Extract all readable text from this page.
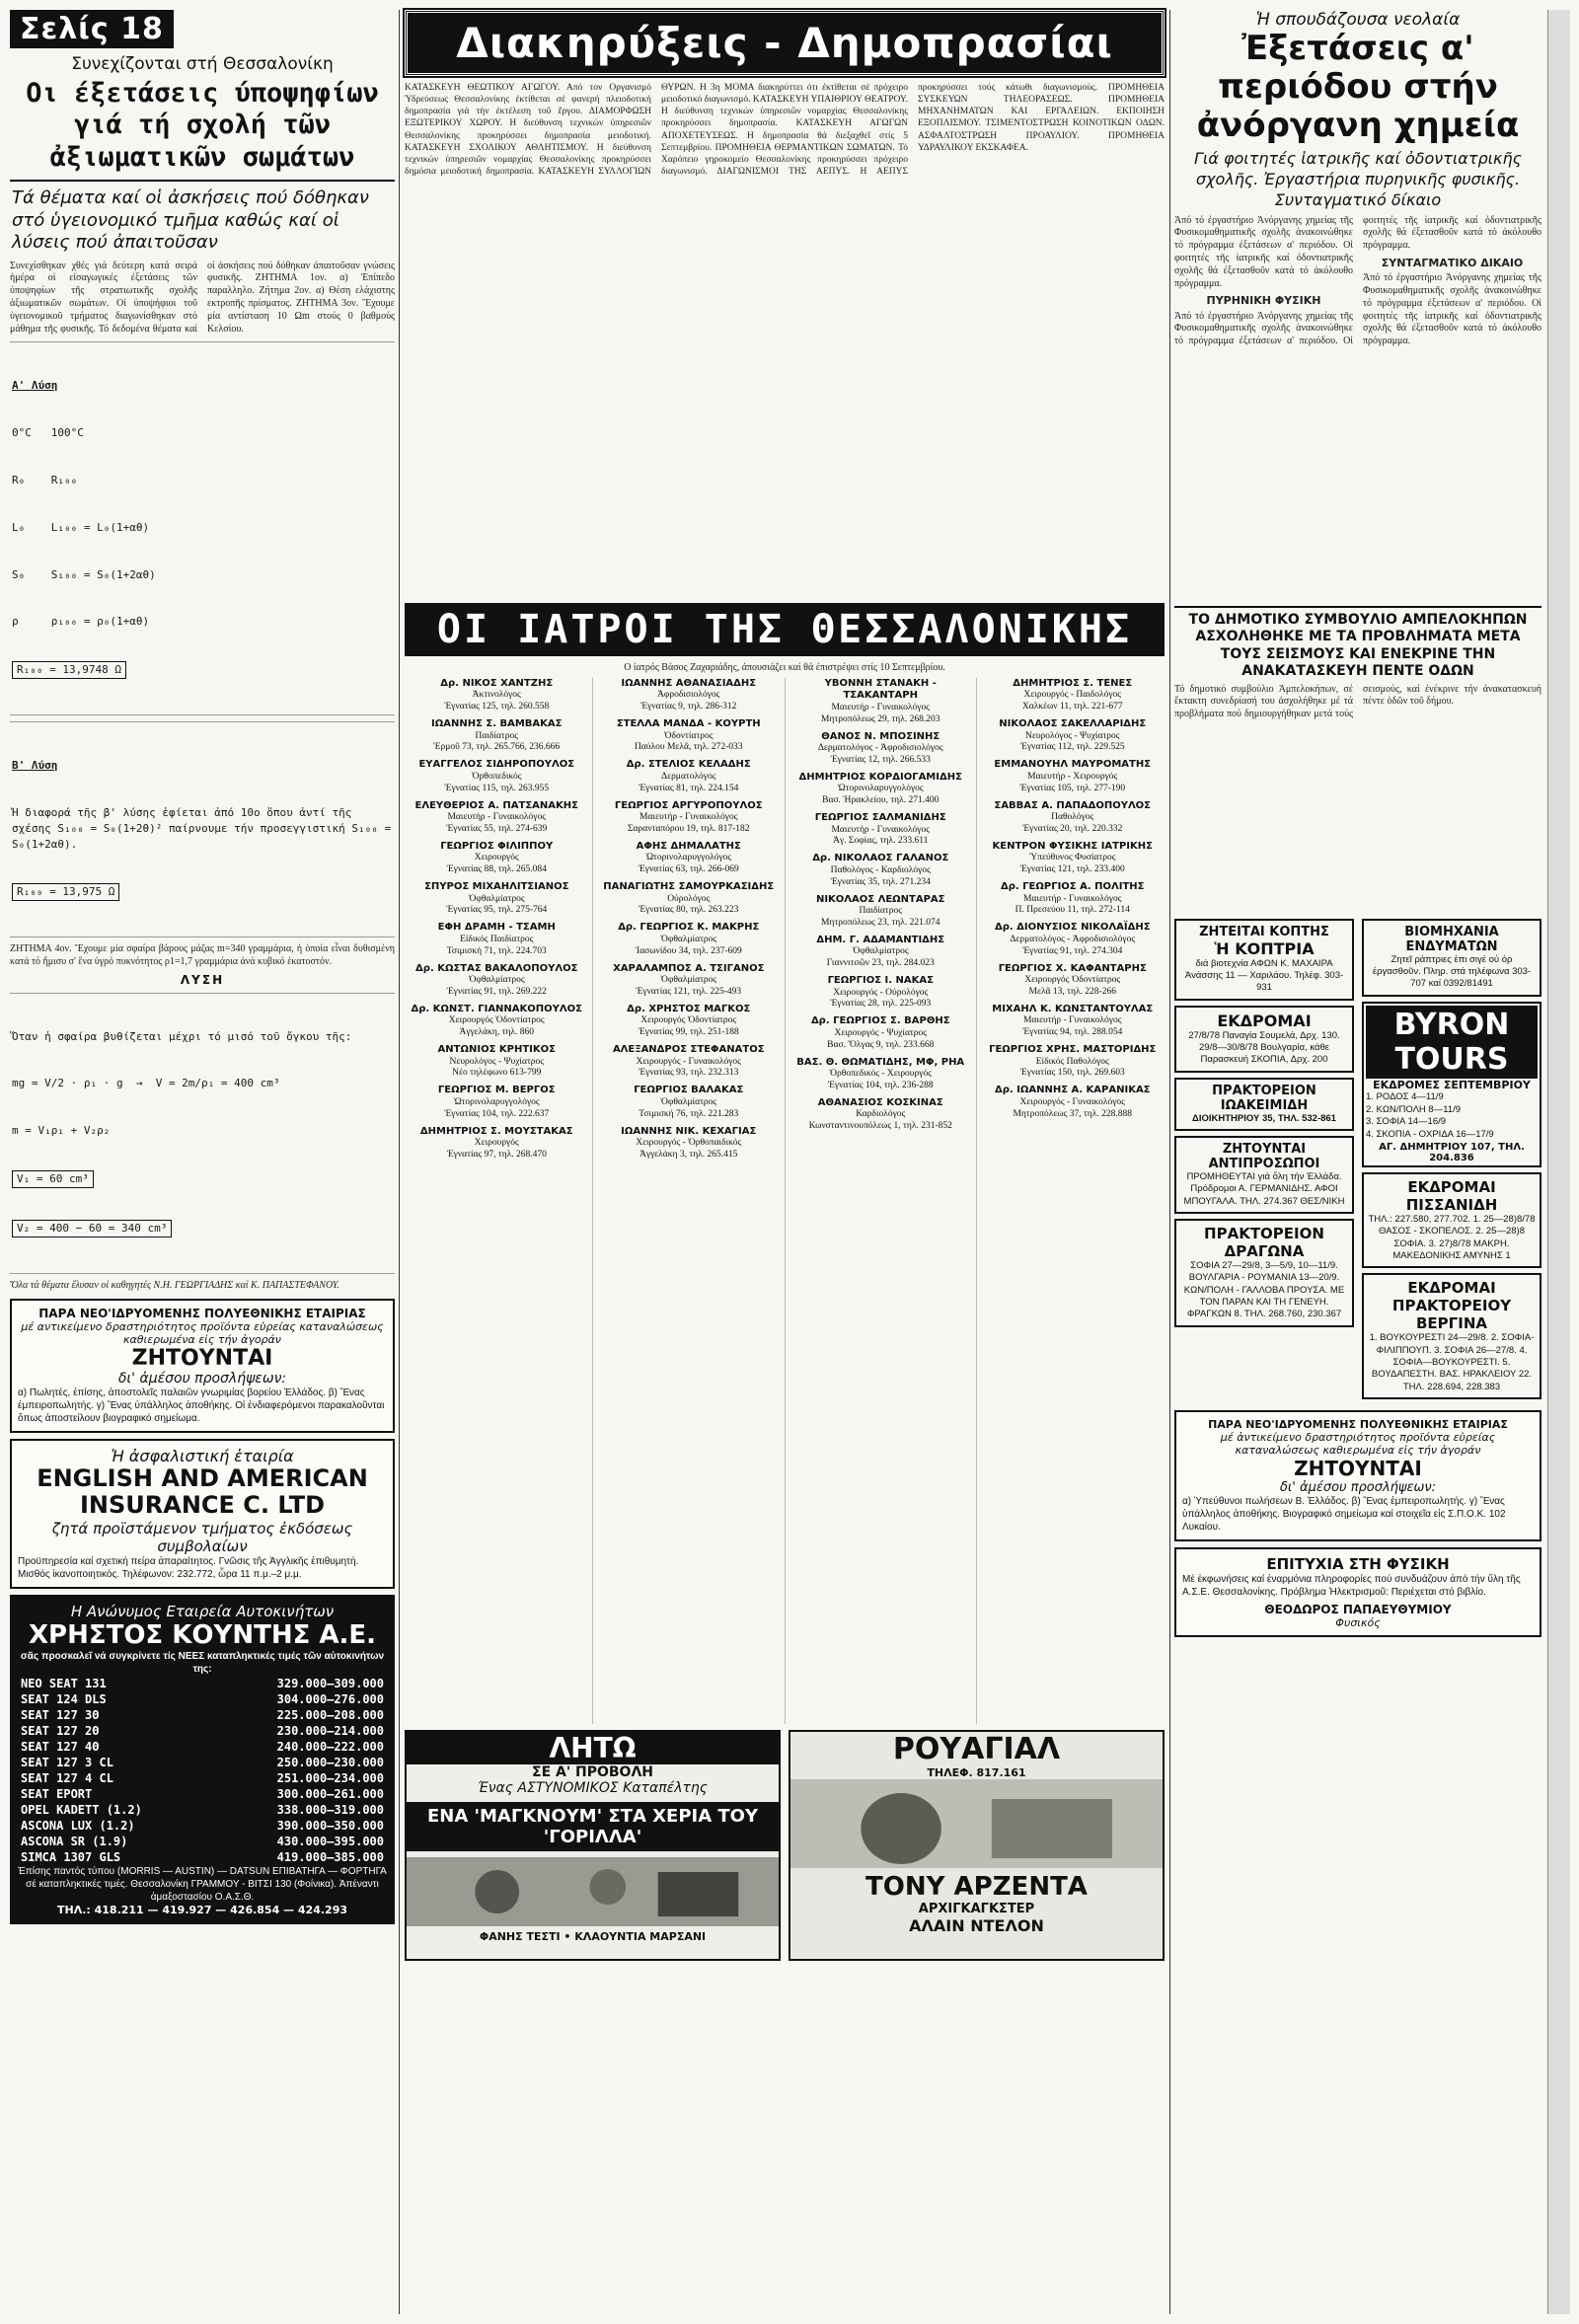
Σελίς 18
Συνεχίζονται στή Θεσσαλονίκη
Οι έξετάσεις ύποψηφίων γιά τή σχολή τῶν ἀξιωματικῶν σωμάτων
Τά θέματα καί οἱ ἀσκήσεις πού δόθηκαν στό ὑγειονομικό τμῆμα καθώς καί οἱ λύσεις πού ἀπαιτοῦσαν
Συνεχίσθηκαν χθές γιά δεύτερη κατά σειρά ἡμέρα οἱ εἰσαγωγικές ἐξετάσεις τῶν ὑποψηφίων τῆς στρατιωτικῆς σχολῆς ἀξιωματικῶν σωμάτων. Οἱ ὑποψήφιοι τοῦ ὑγειονομικοῦ τμήματος διαγωνίσθηκαν στό μάθημα τῆς φυσικῆς. Τό δεδομένα θέματα καί οἱ ἀσκήσεις πού δόθηκαν ἀπαιτοῦσαν γνώσεις φυσικῆς. ΖΗΤΗΜΑ 1ον. α) Ἐπίπεδο παραλληλο. Ζήτημα 2ον. α) Θέση ελάχιστης εκτροπῆς πρίσματος. ΖΗΤΗΜΑ 3ον. Ἔχουμε μία αντίσταση 10 Ωm στούς 0 βαθμούς Κελσίου.

Α' Λύση

0°C   100°C

R₀    R₁₀₀

L₀    L₁₀₀ = L₀(1+αθ)

S₀    S₁₀₀ = S₀(1+2αθ)

ρ     ρ₁₀₀ = ρ₀(1+αθ)

R₁₀₀ = 13,9748 Ω

Β' Λύση

Ἡ διαφορά τῆς β' λύσης ἐφίεται ἀπό 10ο ὅπου ἀντί τῆς σχέσης S₁₀₀ = S₀(1+2θ)² παίρνουμε τήν προσεγγιστική S₁₀₀ = S₀(1+2αθ).

R₁₀₀ = 13,975 Ω

ΖΗΤΗΜΑ 4ον. Ἔχουμε μία σφαίρα βάρους μάζας m=340 γραμμάρια, ἡ ὁποία εἶναι δυθισμένη κατά τό ἥμισυ σ' ἕνα ὑγρό πυκνότητος ρ1=1,7 γραμμάρια ἀνά κυβικό ἑκατοστόν.
ΛΥΣΗ

Ὅταν ἡ σφαίρα βυθίζεται μέχρι τό μισό τοῦ ὄγκου τῆς:

mg = V/2 · ρ₁ · g  →  V = 2m/ρ₁ = 400 cm³

m = V₁ρ₁ + V₂ρ₂

V₁ = 60 cm³

V₂ = 400 − 60 = 340 cm³

Ὅλα τά θέματα ἔλυσαν οἱ καθηγητές Ν.Η. ΓΕΩΡΓΙΑΔΗΣ καί Κ. ΠΑΠΑΣΤΕΦΑΝΟΥ.
ΠΑΡΑ ΝΕΟ'ΙΔΡΥΟΜΕΝΗΣ ΠΟΛΥΕΘΝΙΚΗΣ ΕΤΑΙΡΙΑΣ
μέ αντικείμενο δραστηριότητος προϊόντα εὑρείας καταναλώσεως καθιερωμένα εἰς τήν ἀγοράν
ΖΗΤΟΥΝΤΑΙ
δι' ἀμέσου προσλήψεων:
α) Πωλητές, ἐπίσης, ἀποστολεῖς παλαιῶν γνωριμίας βορείου Ἑλλάδος. β) Ἕνας ἐμπειροπωλητής. γ) Ἕνας ὑπάλληλος ἀποθήκης. Οἱ ἐνδιαφερόμενοι παρακαλοῦνται ὅπως ἀποστείλουν βιογραφικό σημείωμα.
Ἡ ἀσφαλιστική ἑταιρία
ENGLISH AND AMERICAN INSURANCE C. LTD
ζητά προϊστάμενον τμήματος ἐκδόσεως συμβολαίων
Προϋπηρεσία καί σχετική πείρα ἀπαραίτητος. Γνῶσις τῆς Ἀγγλικῆς ἐπιθυμητή. Μισθός ἱκανοποιητικός. Τηλέφωνον: 232.772, ὧρα 11 π.μ.–2 μ.μ.
Η Ανώνυμος Εταιρεία Αυτοκινήτων
ΧΡΗΣΤΟΣ ΚΟΥΝΤΗΣ Α.Ε.
σᾶς προσκαλεῖ νά συγκρίνετε τίς ΝΕΕΣ καταπληκτικές τιμές τῶν αὐτοκινήτων της:
NEO SEAT 131	329.000—309.000
SEAT 124 DLS	304.000—276.000
SEAT 127 3Θ	225.000—208.000
SEAT 127 2Θ	230.000—214.000
SEAT 127 4Θ	240.000—222.000
SEAT 127 3 CL	250.000—230.000
SEAT 127 4 CL	251.000—234.000
SEAT EPORT	300.000—261.000
OPEL KADETT (1.2)	338.000—319.000
ASCONA LUX (1.2)	390.000—350.000
ASCONA SR (1.9)	430.000—395.000
SIMCA 1307 GLS	419.000—385.000
Ἐπίσης παντός τύπου (MORRIS — AUSTIN) — DATSUN ΕΠΙΒΑΤΗΓΑ — ΦΟΡΤΗΓΑ σέ καταπληκτικές τιμές. Θεσσαλονίκη ΓΡΑΜΜΟΥ - ΒΙΤΣΙ 130 (Φοίνικα). Ἀπέναντι ἀμαξοστασίου Ο.Α.Σ.Θ.
ΤΗΛ.: 418.211 — 419.927 — 426.854 — 424.293
Διακηρύξεις - Δημοπρασίαι
ΚΑΤΑΣΚΕΥΗ ΘΕΩΤΙΚΟΥ ΑΓΩΓΟΥ. Από τον Οργανισμό Ύδρεύσεως Θεσσαλονίκης ἐκτίθεται σέ φανερή πλειοδοτική δημοπρασία γιά τήν ἐκτέλεση τοῦ ἔργου. ΔΙΑΜΟΡΦΩΣΗ ΕΞΩΤΕΡΙΚΟΥ ΧΩΡΟΥ. Η διεύθυνση τεχνικών ὑπηρεσιῶν Θεσσαλονίκης προκηρύσσει δημοπρασία μειοδοτική. ΚΑΤΑΣΚΕΥΗ ΣΧΟΛΙΚΟΥ ΑΘΛΗΤΙΣΜΟΥ. Η διεύθυνση τεχνικών ὑπηρεσιῶν νομαρχίας Θεσσαλονίκης προκηρύσσει δημόσια μειοδοτική δημοπρασία. ΚΑΤΑΣΚΕΥΗ ΣΥΛΛΟΓΙΩΝ ΘΥΡΩΝ. Η 3η ΜΟΜΑ διακηρύττει ότι ἐκτίθεται σέ πρόχειρο μειοδοτικό διαγωνισμό. ΚΑΤΑΣΚΕΥΗ ΥΠΑΙΘΡΙΟΥ ΘΕΑΤΡΟΥ. Η διεύθυνση τεχνικών ὑπηρεσιῶν νομαρχίας Θεσσαλονίκης προκηρύσσει δημοπρασία. ΚΑΤΑΣΚΕΥΗ ΑΓΩΓΩΝ ΑΠΟΧΕΤΕΥΣΕΩΣ. Η δημοπρασία θά διεξαχθεῖ στίς 5 Σεπτεμβρίου. ΠΡΟΜΗΘΕΙΑ ΘΕΡΜΑΝΤΙΚΩΝ ΣΩΜΑΤΩΝ. Τό Χαρόπειο γηροκομείο Θεσσαλονίκης προκηρύσσει πρόχειρο διαγωνισμό. ΔΙΑΓΩΝΙΣΜΟΙ ΤΗΣ ΑΕΠΥΣ. Η ΑΕΠΥΣ προκηρύσσει τούς κάτωθι διαγωνισμούς. ΠΡΟΜΗΘΕΙΑ ΣΥΣΚΕΥΩΝ ΤΗΛΕΟΡΑΣΕΩΣ. ΠΡΟΜΗΘΕΙΑ ΜΗΧΑΝΗΜΑΤΩΝ ΚΑΙ ΕΡΓΑΛΕΙΩΝ. ΕΚΠΟΙΗΣΗ ΕΞΟΠΛΙΣΜΟΥ. ΤΣΙΜΕΝΤΟΣΤΡΩΣΗ ΚΟΙΝΟΤΙΚΩΝ ΟΔΩΝ. ΑΣΦΑΛΤΟΣΤΡΩΣΗ ΠΡΟΑΥΛΙΟΥ. ΠΡΟΜΗΘΕΙΑ ΥΔΡΑΥΛΙΚΟΥ ΕΚΣΚΑΦΕΑ.
ΟΙ ΙΑΤΡΟΙ ΤΗΣ ΘΕΣΣΑΛΟΝΙΚΗΣ
Ο ἰατρός Βάσος Ζαχαριάδης, ἀπουσιάζει καί θά ἐπιστρέψει στίς 10 Σεπτεμβρίου.
Δρ. ΝΙΚΟΣ ΧΑΝΤΖΗΣ
Ἀκτινολόγος
Ἐγνατίας 125, τηλ. 260.558
ΙΩΑΝΝΗΣ Σ. ΒΑΜΒΑΚΑΣ
Παιδίατρος
Ἑρμοῦ 73, τηλ. 265.766, 236.666
ΕΥΑΓΓΕΛΟΣ ΣΙΔΗΡΟΠΟΥΛΟΣ
Ὀρθοπεδικός
Ἐγνατίας 115, τηλ. 263.955
ΕΛΕΥΘΕΡΙΟΣ Α. ΠΑΤΣΑΝΑΚΗΣ
Μαιευτήρ - Γυναικολόγος
Ἐγνατίας 55, τηλ. 274-639
ΓΕΩΡΓΙΟΣ ΦΙΛΙΠΠΟΥ
Χειρουργός
Ἐγνατίας 88, τηλ. 265.084
ΣΠΥΡΟΣ ΜΙΧΑΗΛΙΤΣΙΑΝΟΣ
Ὀφθαλμίατρος
Ἐγνατίας 95, τηλ. 275-764
ΕΦΗ ΔΡΑΜΗ - ΤΣΑΜΗ
Εἰδικός Παιδίατρος
Τσιμισκή 71, τηλ. 224.703
Δρ. ΚΩΣΤΑΣ ΒΑΚΑΛΟΠΟΥΛΟΣ
Ὀφθαλμίατρος
Ἐγνατίας 91, τηλ. 269.222
Δρ. ΚΩΝΣΤ. ΓΙΑΝΝΑΚΟΠΟΥΛΟΣ
Χειρουργός Ὀδοντίατρος
Ἀγγελάκη, τηλ. 860
ΑΝΤΩΝΙΟΣ ΚΡΗΤΙΚΟΣ
Νευρολόγος - Ψυχίατρος
Νέο τηλέφωνο 613-799
ΓΕΩΡΓΙΟΣ Μ. ΒΕΡΓΟΣ
Ὠτορινολαρυγγολόγος
Ἐγνατίας 104, τηλ. 222.637
ΔΗΜΗΤΡΙΟΣ Σ. ΜΟΥΣΤΑΚΑΣ
Χειρουργός
Ἐγνατίας 97, τηλ. 268.470
ΙΩΑΝΝΗΣ ΑΘΑΝΑΣΙΑΔΗΣ
Ἀφροδισιολόγος
Ἐγνατίας 9, τηλ. 286-312
ΣΤΕΛΛΑ ΜΑΝΔΑ - ΚΟΥΡΤΗ
Ὀδοντίατρος
Παύλου Μελᾶ, τηλ. 272-033
Δρ. ΣΤΕΛΙΟΣ ΚΕΛΑΔΗΣ
Δερματολόγος
Ἐγνατίας 81, τηλ. 224.154
ΓΕΩΡΓΙΟΣ ΑΡΓΥΡΟΠΟΥΛΟΣ
Μαιευτήρ - Γυναικολόγος
Σαρανταπόρου 19, τηλ. 817-182
ΑΦΗΣ ΔΗΜΑΛΑΤΗΣ
Ὠτορινολαρυγγολόγος
Ἐγνατίας 63, τηλ. 266-069
ΠΑΝΑΓΙΩΤΗΣ ΣΑΜΟΥΡΚΑΣΙΔΗΣ
Οὐρολόγος
Ἐγνατίας 80, τηλ. 263.223
Δρ. ΓΕΩΡΓΙΟΣ Κ. ΜΑΚΡΗΣ
Ὀφθαλμίατρος
Ἰασωνίδου 34, τηλ. 237-609
ΧΑΡΑΛΑΜΠΟΣ Α. ΤΣΙΓΑΝΟΣ
Ὀφθαλμίατρος
Ἐγνατίας 121, τηλ. 225-493
Δρ. ΧΡΗΣΤΟΣ ΜΑΓΚΟΣ
Χειρουργός Ὀδοντίατρος
Ἐγνατίας 99, τηλ. 251-188
ΑΛΕΞΑΝΔΡΟΣ ΣΤΕΦΑΝΑΤΟΣ
Χειρουργός - Γυναικολόγος
Ἐγνατίας 93, τηλ. 232.313
ΓΕΩΡΓΙΟΣ ΒΑΛΑΚΑΣ
Ὀφθαλμίατρος
Τσιμισκή 76, τηλ. 221.283
ΙΩΑΝΝΗΣ ΝΙΚ. ΚΕΧΑΓΙΑΣ
Χειρουργός - Ὀρθοπαιδικός
Ἀγγελάκη 3, τηλ. 265.415
ΥΒΟΝΝΗ ΣΤΑΝΑΚΗ - ΤΣΑΚΑΝΤΑΡΗ
Μαιευτήρ - Γυναικολόγος
Μητροπόλεως 29, τηλ. 268.203
ΘΑΝΟΣ Ν. ΜΠΟΣΙΝΗΣ
Δερματολόγος - Ἀφροδισιολόγος
Ἐγνατίας 12, τηλ. 266.533
ΔΗΜΗΤΡΙΟΣ ΚΟΡΔΙΟΓΑΜΙΔΗΣ
Ὠτορινολαρυγγολόγος
Βασ. Ἡρακλείου, τηλ. 271.400
ΓΕΩΡΓΙΟΣ ΣΑΛΜΑΝΙΔΗΣ
Μαιευτήρ - Γυναικολόγος
Ἀγ. Σοφίας, τηλ. 233.611
Δρ. ΝΙΚΟΛΑΟΣ ΓΑΛΑΝΟΣ
Παθολόγος - Καρδιολόγος
Ἐγνατίας 35, τηλ. 271.234
ΝΙΚΟΛΑΟΣ ΛΕΩΝΤΑΡΑΣ
Παιδίατρος
Μητροπόλεως 23, τηλ. 221.074
ΔΗΜ. Γ. ΑΔΑΜΑΝΤΙΔΗΣ
Ὀφθαλμίατρος
Γιαννιτσῶν 23, τηλ. 284.023
ΓΕΩΡΓΙΟΣ Ι. ΝΑΚΑΣ
Χειρουργός - Οὐρολόγος
Ἐγνατίας 28, τηλ. 225-093
Δρ. ΓΕΩΡΓΙΟΣ Σ. ΒΑΡΘΗΣ
Χειρουργός - Ψυχίατρος
Βασ. Ὄλγας 9, τηλ. 233.668
ΒΑΣ. Θ. ΘΩΜΑΤΙΔΗΣ, ΜΦ, PHA
Ὀρθοπεδικός - Χειρουργός
Ἐγνατίας 104, τηλ. 236-288
ΑΘΑΝΑΣΙΟΣ ΚΟΣΚΙΝΑΣ
Καρδιολόγος
Κωνσταντινουπόλεως 1, τηλ. 231-852
ΔΗΜΗΤΡΙΟΣ Σ. ΤΕΝΕΣ
Χειρουργός - Παιδολόγος
Χαλκέων 11, τηλ. 221-677
ΝΙΚΟΛΑΟΣ ΣΑΚΕΛΛΑΡΙΔΗΣ
Νευρολόγος - Ψυχίατρος
Ἐγνατίας 112, τηλ. 229.525
ΕΜΜΑΝΟΥΗΛ ΜΑΥΡΟΜΑΤΗΣ
Μαιευτήρ - Χειρουργός
Ἐγνατίας 105, τηλ. 277-190
ΣΑΒΒΑΣ Α. ΠΑΠΑΔΟΠΟΥΛΟΣ
Παθολόγος
Ἐγνατίας 20, τηλ. 220.332
ΚΕΝΤΡΟΝ ΦΥΣΙΚΗΣ ΙΑΤΡΙΚΗΣ
Ὑπεύθυνος Φυσίατρος
Ἐγνατίας 121, τηλ. 233.400
Δρ. ΓΕΩΡΓΙΟΣ Α. ΠΟΛΙΤΗΣ
Μαιευτήρ - Γυναικολόγος
Π. Πρεσεύου 11, τηλ. 272-114
Δρ. ΔΙΟΝΥΣΙΟΣ ΝΙΚΟΛΑΪΔΗΣ
Δερματολόγος - Ἀφροδισιολόγος
Ἐγνατίας 91, τηλ. 274.304
ΓΕΩΡΓΙΟΣ Χ. ΚΑΦΑΝΤΑΡΗΣ
Χειρουργός Ὀδοντίατρος
Μελᾶ 13, τηλ. 228-266
ΜΙΧΑΗΛ Κ. ΚΩΝΣΤΑΝΤΟΥΛΑΣ
Μαιευτήρ - Γυναικολόγος
Ἐγνατίας 94, τηλ. 288.054
ΓΕΩΡΓΙΟΣ ΧΡΗΣ. ΜΑΣΤΟΡΙΔΗΣ
Εἰδικός Παθολόγος
Ἐγνατίας 150, τηλ. 269.603
Δρ. ΙΩΑΝΝΗΣ Α. ΚΑΡΑΝΙΚΑΣ
Χειρουργός - Γυναικολόγος
Μητροπόλεως 37, τηλ. 228.888
ΛΗΤΩ
ΣΕ Α' ΠΡΟΒΟΛΗ
Ένας ΑΣΤΥΝΟΜΙΚΟΣ Καταπέλτης
ΕΝΑ 'ΜΑΓΚΝΟΥΜ' ΣΤΑ ΧΕΡΙΑ ΤΟΥ 'ΓΟΡΙΛΛΑ'
ΦΑΝΗΣ ΤΕΣΤΙ • ΚΛΑΟΥΝΤΙΑ ΜΑΡΣΑΝΙ
ΡΟΥΑΓΙΑΛ
ΤΗΛΕΦ. 817.161
ΤΟΝΥ ΑΡΖΕΝΤΑ
ΑΡΧΙΓΚΑΓΚΣΤΕΡ
ΑΛΑΙΝ ΝΤΕΛΟΝ
Ἡ σπουδάζουσα νεολαία
Ἐξετάσεις α' περιόδου στήν ἀνόργανη χημεία
Γιά φοιτητές ἰατρικῆς καί ὀδοντιατρικῆς σχολῆς. Ἐργαστήρια πυρηνικῆς φυσικῆς. Συνταγματικό δίκαιο
Ἀπό τό ἐργαστήριο Ἀνόργανης χημείας τῆς Φυσικομαθηματικῆς σχολῆς ἀνακοινώθηκε τό πρόγραμμα ἐξετάσεων α' περιόδου. Οἱ φοιτητές τῆς ἰατρικῆς καί ὀδοντιατρικῆς σχολῆς θά ἐξετασθοῦν κατά τό ἀκόλουθο πρόγραμμα.
ΠΥΡΗΝΙΚΗ ΦΥΣΙΚΗ
Ἀπό τό ἐργαστήριο Ἀνόργανης χημείας τῆς Φυσικομαθηματικῆς σχολῆς ἀνακοινώθηκε τό πρόγραμμα ἐξετάσεων α' περιόδου. Οἱ φοιτητές τῆς ἰατρικῆς καί ὀδοντιατρικῆς σχολῆς θά ἐξετασθοῦν κατά τό ἀκόλουθο πρόγραμμα.
ΣΥΝΤΑΓΜΑΤΙΚΟ ΔΙΚΑΙΟ
Ἀπό τό ἐργαστήριο Ἀνόργανης χημείας τῆς Φυσικομαθηματικῆς σχολῆς ἀνακοινώθηκε τό πρόγραμμα ἐξετάσεων α' περιόδου. Οἱ φοιτητές τῆς ἰατρικῆς καί ὀδοντιατρικῆς σχολῆς θά ἐξετασθοῦν κατά τό ἀκόλουθο πρόγραμμα.
ΤΟ ΔΗΜΟΤΙΚΟ ΣΥΜΒΟΥΛΙΟ ΑΜΠΕΛΟΚΗΠΩΝ ΑΣΧΟΛΗΘΗΚΕ ΜΕ ΤΑ ΠΡΟΒΛΗΜΑΤΑ ΜΕΤΑ ΤΟΥΣ ΣΕΙΣΜΟΥΣ ΚΑΙ ΕΝΕΚΡΙΝΕ ΤΗΝ ΑΝΑΚΑΤΑΣΚΕΥΗ ΠΕΝΤΕ ΟΔΩΝ
Τό δημοτικό συμβούλιο Ἀμπελοκήπων, σέ ἔκτακτη συνεδρίασή του ἀσχολήθηκε μέ τά προβλήματα πού δημιουργήθηκαν μετά τούς σεισμούς, καί ἐνέκρινε τήν ἀνακατασκευή πέντε ὁδῶν τοῦ δήμου.
ΖΗΤΕΙΤΑΙ ΚΟΠΤΗΣ
Ἡ ΚΟΠΤΡΙΑ
διά βιοτεχνία ΑΦΩΝ Κ. ΜΑΧΑΙΡΑ Ἀνάσσης 11 — Χαριλάου. Τηλέφ. 303-931
ΕΚΔΡΟΜΑΙ
27/8/78 Παναγία Σουμελά, Δρχ. 130. 29/8—30/8/78 Βουλγαρία, κάθε Παρασκευή ΣΚΟΠΙΑ, Δρχ. 200
ΠΡΑΚΤΟΡΕΙΟΝ ΙΩΑΚΕΙΜΙΔΗ
ΔΙΟΙΚΗΤΗΡΙΟΥ 35, ΤΗΛ. 532-861
ΖΗΤΟΥΝΤΑΙ ΑΝΤΙΠΡΟΣΩΠΟΙ
ΠΡΟΜΗΘΕΥΤΑΙ γιά ὅλη τήν Ἑλλάδα. Πρόδρομοι Α. ΓΕΡΜΑΝΙΔΗΣ. ΑΦΟΙ ΜΠΟΥΓΑΛΑ. ΤΗΛ. 274.367 ΘΕΣ/ΝΙΚΗ
ΠΡΑΚΤΟΡΕΙΟΝ ΔΡΑΓΩΝΑ
ΣΟΦΙΑ 27—29/8, 3—5/9, 10—11/9. ΒΟΥΛΓΑΡΙΑ - ΡΟΥΜΑΝΙΑ 13—20/9. ΚΩΝ/ΠΟΛΗ - ΓΑΛΛΟΒΑ ΠΡΟΥΣΑ. ΜΕ ΤΟΝ ΠΑΡΑΝ ΚΑΙ ΤΗ ΓΕΝΕΥΗ. ΦΡΑΓΚΩΝ 8. ΤΗΛ. 268.760, 230.367
ΒΙΟΜΗΧΑΝΙΑ ΕΝΔΥΜΑΤΩΝ
Ζητεῖ ράπτριες ἐπι σιγέ οὐ ὁρ ἐργασθοῦν. Πληρ. στά τηλέφωνα 303-707 καί 0392/81491
BYRON TOURS
ΕΚΔΡΟΜΕΣ ΣΕΠΤΕΜΒΡΙΟΥ
1. ΡΟΔΟΣ 4—11/9
2. ΚΩΝ/ΠΟΛΗ 8—11/9
3. ΣΟΦΙΑ 14—16/9
4. ΣΚΟΠΙΑ - ΟΧΡΙΔΑ 16—17/9
ΑΓ. ΔΗΜΗΤΡΙΟΥ 107, ΤΗΛ. 204.836
ΕΚΔΡΟΜΑΙ ΠΙΣΣΑΝΙΔΗ
ΤΗΛ.: 227.580, 277.702. 1. 25—28)8/78 ΘΑΣΟΣ - ΣΚΟΠΕΛΟΣ. 2. 25—28)8 ΣΟΦΙΑ. 3. 27)8/78 ΜΑΚΡΗ. ΜΑΚΕΔΟΝΙΚΗΣ ΑΜΥΝΗΣ 1
ΕΚΔΡΟΜΑΙ ΠΡΑΚΤΟΡΕΙΟΥ ΒΕΡΓΙΝΑ
1. ΒΟΥΚΟΥΡΕΣΤΙ 24—29/8. 2. ΣΟΦΙΑ-ΦΙΛΙΠΠΟΥΠ. 3. ΣΟΦΙΑ 26—27/8. 4. ΣΟΦΙΑ—ΒΟΥΚΟΥΡΕΣΤΙ. 5. ΒΟΥΔΑΠΕΣΤΗ. ΒΑΣ. ΗΡΑΚΛΕΙΟΥ 22. ΤΗΛ. 228.694, 228.383
ΠΑΡΑ ΝΕΟ'ΙΔΡΥΟΜΕΝΗΣ ΠΟΛΥΕΘΝΙΚΗΣ ΕΤΑΙΡΙΑΣ
μέ ἀντικείμενο δραστηριότητος προϊόντα εὑρείας καταναλώσεως καθιερωμένα εἰς τήν ἀγοράν
ΖΗΤΟΥΝΤΑΙ
δι' ἀμέσου προσλήψεων:
α) Ὑπεύθυνοι πωλήσεων Β. Ἑλλάδος. β) Ἕνας ἐμπειροπωλητής. γ) Ἕνας ὑπάλληλος ἀποθήκης. Βιογραφικό σημείωμα καί στοιχεῖα εἰς Σ.Π.Ο.Κ. 102 Λυκαίου.
ΕΠΙΤΥΧΙΑ ΣΤΗ ΦΥΣΙΚΗ
Μέ ἐκφωνήσεις καί ἐναρμόνια πληροφορίες πού συνδυάζουν ἀπό τήν ὕλη τῆς Α.Σ.Ε. Θεσσαλονίκης. Πρόβλημα Ἠλεκτρισμοῦ: Περιέχεται στό βιβλίο.
ΘΕΟΔΩΡΟΣ ΠΑΠΑΕΥΘΥΜΙΟΥ
Φυσικός
